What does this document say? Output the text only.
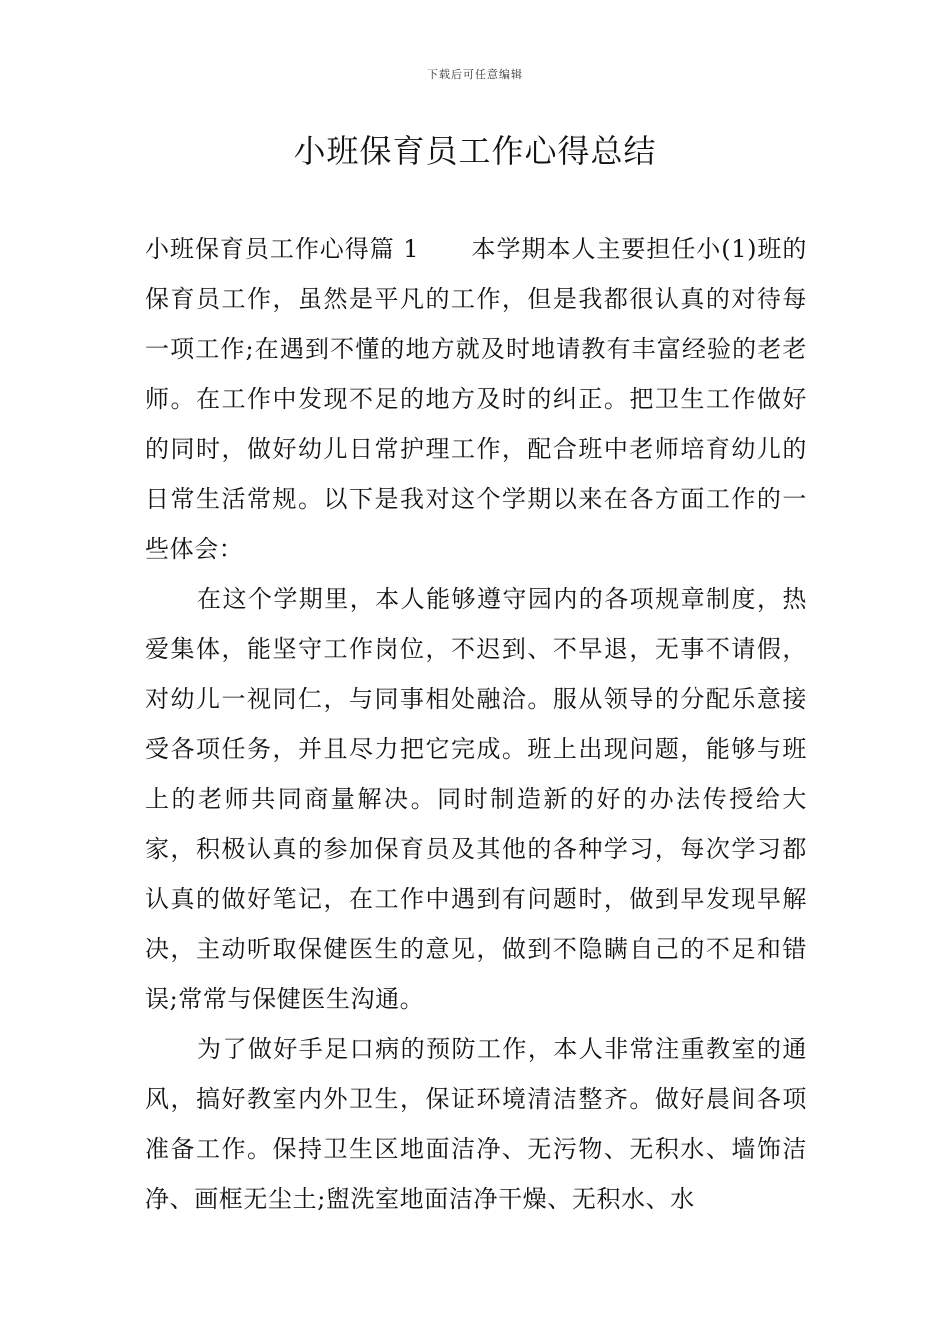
下载后可任意编辑
小班保育员工作心得总结

小班保育员工作心得篇 1 本学期本人主要担任小(1)班的保育员工作，虽然是平凡的工作，但是我都很认真的对待每一项工作;在遇到不懂的地方就及时地请教有丰富经验的老老师。在工作中发现不足的地方及时的纠正。把卫生工作做好的同时，做好幼儿日常护理工作，配合班中老师培育幼儿的日常生活常规。以下是我对这个学期以来在各方面工作的一些体会：

在这个学期里，本人能够遵守园内的各项规章制度，热爱集体，能坚守工作岗位，不迟到、不早退，无事不请假，对幼儿一视同仁，与同事相处融洽。服从领导的分配乐意接受各项任务，并且尽力把它完成。班上出现问题，能够与班上的老师共同商量解决。同时制造新的好的办法传授给大家，积极认真的参加保育员及其他的各种学习，每次学习都认真的做好笔记，在工作中遇到有问题时，做到早发现早解决，主动听取保健医生的意见，做到不隐瞒自己的不足和错误;常常与保健医生沟通。

为了做好手足口病的预防工作，本人非常注重教室的通风，搞好教室内外卫生，保证环境清洁整齐。做好晨间各项准备工作。保持卫生区地面洁净、无污物、无积水、墙饰洁净、画框无尘土;盥洗室地面洁净干燥、无积水、水
